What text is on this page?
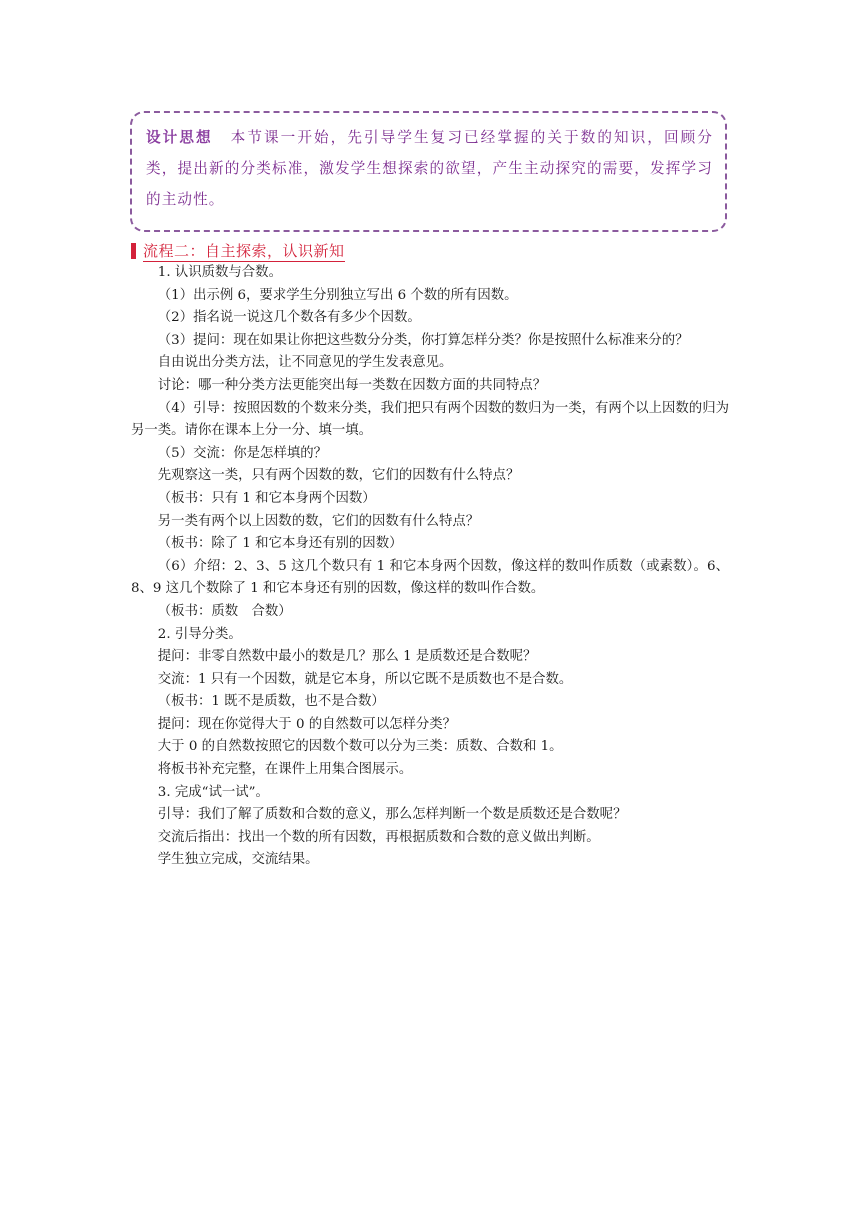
设计思想 本节课一开始，先引导学生复习已经掌握的关于数的知识，回顾分类，提出新的分类标准，激发学生想探索的欲望，产生主动探究的需要，发挥学习的主动性。
流程二：自主探索，认识新知

1. 认识质数与合数。

（1）出示例 6，要求学生分别独立写出 6 个数的所有因数。

（2）指名说一说这几个数各有多少个因数。

（3）提问：现在如果让你把这些数分分类，你打算怎样分类？你是按照什么标准来分的？

自由说出分类方法，让不同意见的学生发表意见。

讨论：哪一种分类方法更能突出每一类数在因数方面的共同特点？

（4）引导：按照因数的个数来分类，我们把只有两个因数的数归为一类，有两个以上因数的归为另一类。请你在课本上分一分、填一填。

（5）交流：你是怎样填的？

先观察这一类，只有两个因数的数，它们的因数有什么特点？

（板书：只有 1 和它本身两个因数）

另一类有两个以上因数的数，它们的因数有什么特点？

（板书：除了 1 和它本身还有别的因数）

（6）介绍：2、3、5 这几个数只有 1 和它本身两个因数，像这样的数叫作质数（或素数）。6、8、9 这几个数除了 1 和它本身还有别的因数，像这样的数叫作合数。

（板书：质数　合数）

2. 引导分类。

提问：非零自然数中最小的数是几？那么 1 是质数还是合数呢？

交流：1 只有一个因数，就是它本身，所以它既不是质数也不是合数。

（板书：1 既不是质数，也不是合数）

提问：现在你觉得大于 0 的自然数可以怎样分类？

大于 0 的自然数按照它的因数个数可以分为三类：质数、合数和 1。

将板书补充完整，在课件上用集合图展示。

3. 完成“试一试”。

引导：我们了解了质数和合数的意义，那么怎样判断一个数是质数还是合数呢？

交流后指出：找出一个数的所有因数，再根据质数和合数的意义做出判断。

学生独立完成，交流结果。
